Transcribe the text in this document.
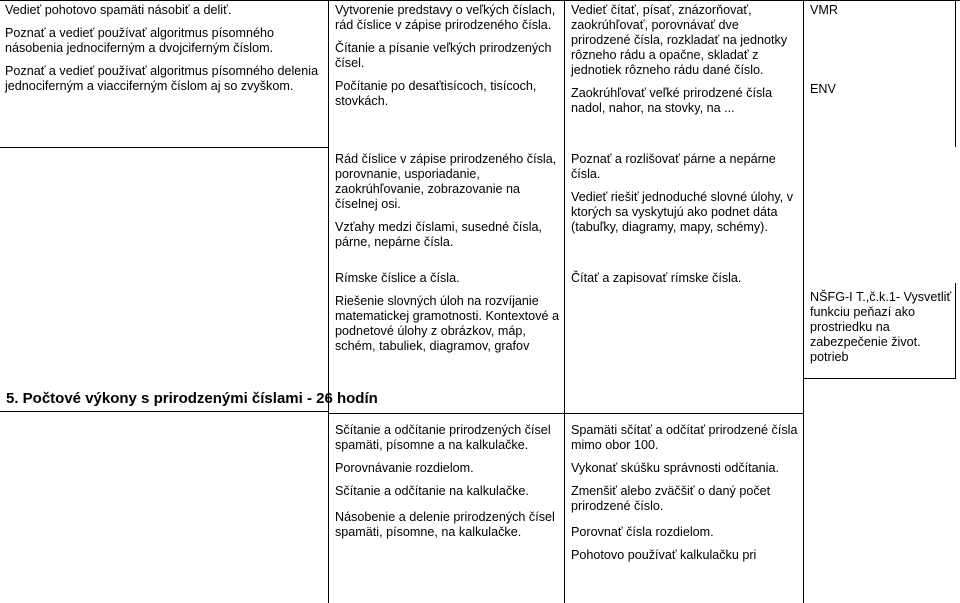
Vedieť pohotovo spamäti násobiť a deliť.

Poznať a vedieť používať algoritmus písomného násobenia jednociferným a dvojciferným číslom.

Poznať a vedieť používať algoritmus písomného delenia jednociferným a viacciferným číslom aj so zvyškom.

Vytvorenie predstavy o veľkých číslach, rád číslice v zápise prirodzeného čísla.

Čítanie a písanie veľkých prirodzených čísel.

Počítanie po desaťtisícoch, tisícoch, stovkách.

Vedieť čítať, písať, znázorňovať, zaokrúhľovať, porovnávať dve prirodzené čísla, rozkladať na jednotky rôzneho rádu a opačne, skladať z jednotiek rôzneho rádu dané číslo.

Zaokrúhľovať veľké prirodzené čísla nadol, nahor, na stovky, na ...

VMR

ENV

Rád číslice v zápise prirodzeného čísla, porovnanie, usporiadanie, zaokrúhľovanie, zobrazovanie na číselnej osi.

Vzťahy medzi číslami, susedné čísla, párne, nepárne čísla.

Poznať a rozlišovať párne a nepárne čísla.

Vedieť riešiť jednoduché slovné úlohy, v ktorých sa vyskytujú ako podnet dáta (tabuľky, diagramy, mapy, schémy).

Rímske číslice a čísla.

Riešenie slovných úloh na rozvíjanie matematickej gramotnosti. Kontextové a podnetové úlohy z obrázkov, máp, schém, tabuliek, diagramov, grafov

Čítať a zapisovať rímske čísla.

NŠFG-I T.,č.k.1- Vysvetliť funkciu peňazí ako prostriedku na zabezpečenie život. potrieb

5. Počtové výkony s prirodzenými číslami - 26 hodín

Sčítanie a odčítanie prirodzených čísel spamäti, písomne a na kalkulačke.

Porovnávanie rozdielom.

Sčítanie a odčítanie na kalkulačke.

Násobenie a delenie prirodzených čísel spamäti, písomne, na kalkulačke.

Spamäti sčítať a odčítať prirodzené čísla mimo obor 100.

Vykonať skúšku správnosti odčítania.

Zmenšiť alebo zväčšiť o daný počet prirodzené číslo.

Porovnať čísla rozdielom.

Pohotovo používať kalkulačku pri
